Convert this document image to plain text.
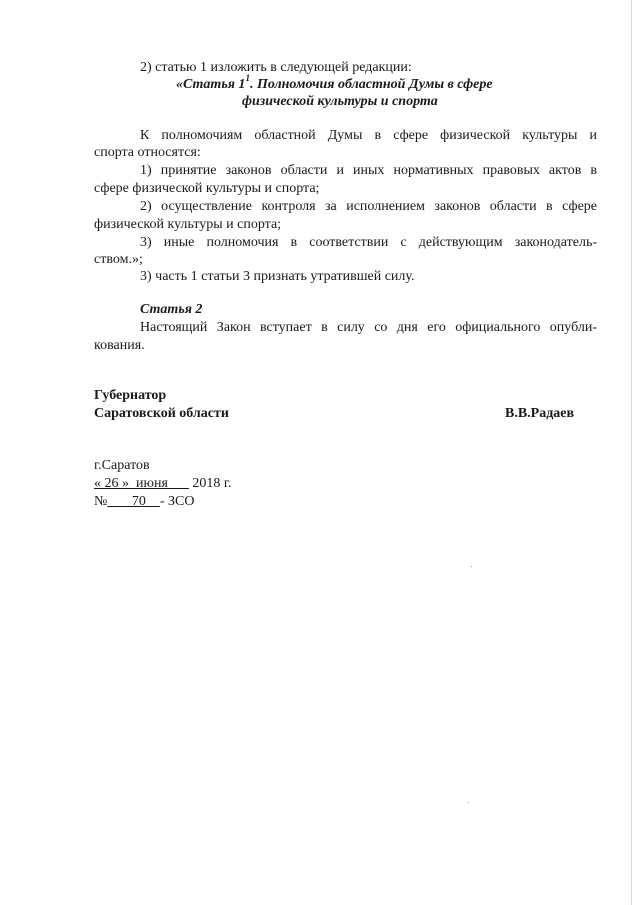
2) статью 1 изложить в следующей редакции:

«Статья $1^1$. Полномочия областной Думы в сфере

физической культуры и спорта

К полномочиям областной Думы в сфере физической культуры и

спорта относятся:

1) принятие законов области и иных нормативных правовых актов в

сфере физической культуры и спорта;

2) осуществление контроля за исполнением законов области в сфере

физической культуры и спорта;

3) иные полномочия в соответствии с действующим законодатель-

ством.»;

3) часть 1 статьи 3 признать утратившей силу.

Статья 2

Настоящий Закон вступает в силу со дня его официального опубли-

кования.

Губернатор

Саратовской области	В.В.Радаев

г.Саратов

« 26 »  июня       2018 г.

№       70    - ЗСО
